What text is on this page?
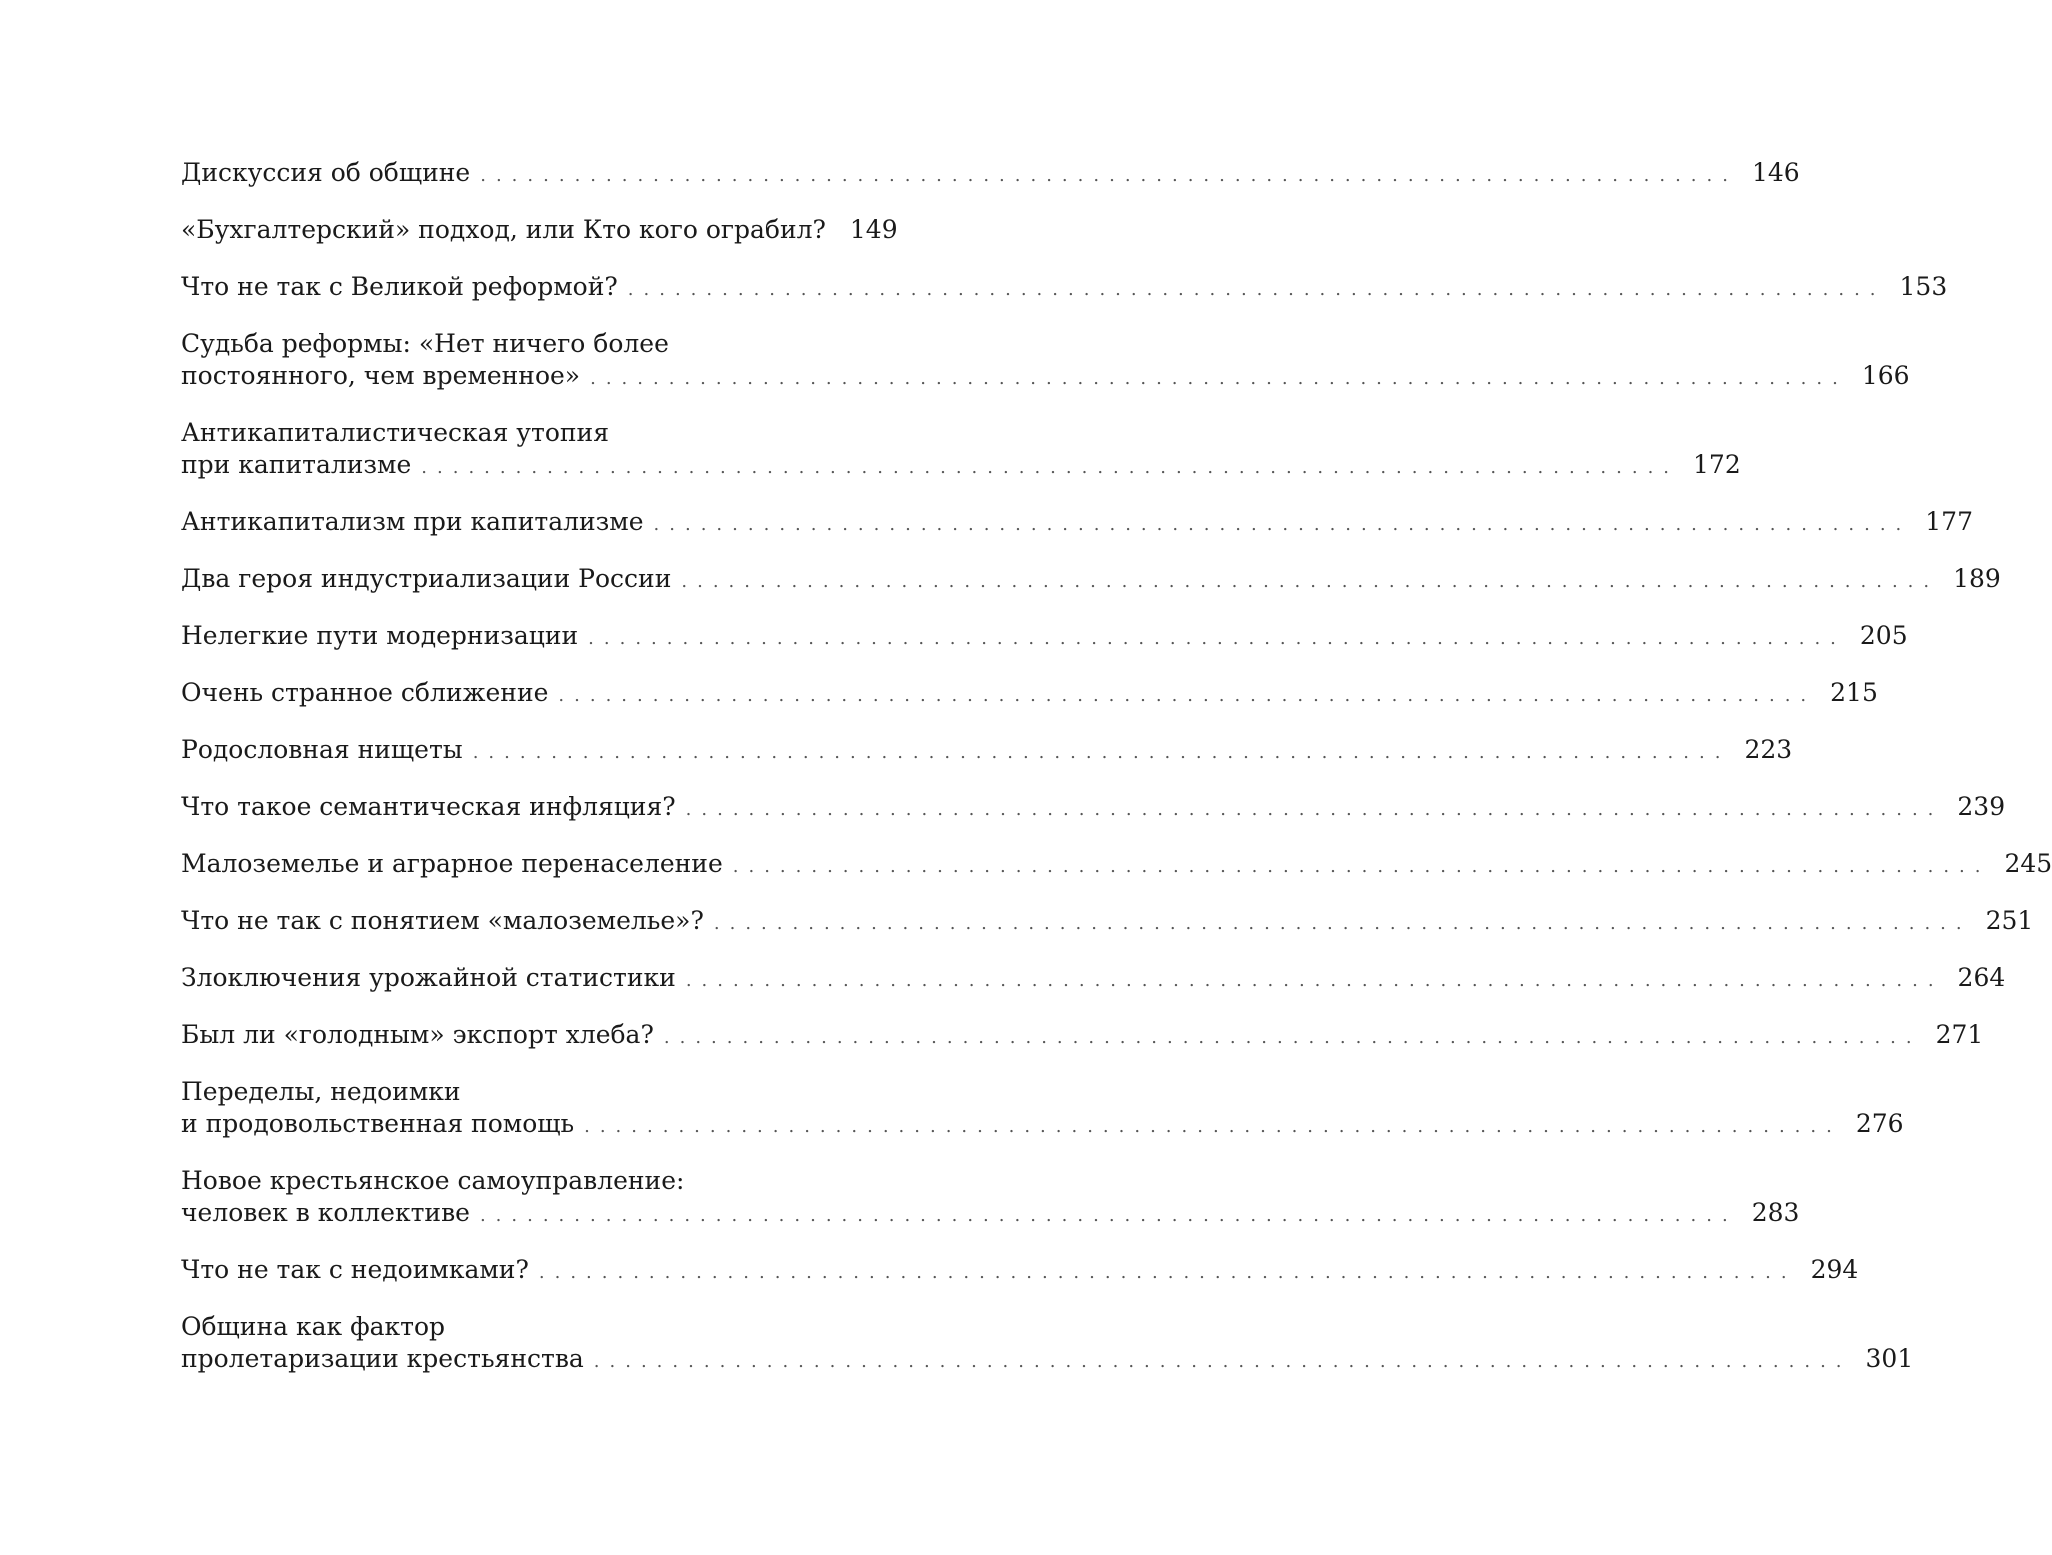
Дискуссия об общине ................................................................................ 146
«Бухгалтерский» подход, или Кто кого ограбил? 149
Что не так с Великой реформой? ................................................................................ 153
Судьба реформы: «Нет ничего более
постоянного, чем временное» ................................................................................ 166
Антикапиталистическая утопия
при капитализме ................................................................................ 172
Антикапитализм при капитализме ................................................................................ 177
Два героя индустриализации России ................................................................................ 189
Нелегкие пути модернизации ................................................................................ 205
Очень странное сближение ................................................................................ 215
Родословная нищеты ................................................................................ 223
Что такое семантическая инфляция? ................................................................................ 239
Малоземелье и аграрное перенаселение ................................................................................ 245
Что не так с понятием «малоземелье»? ................................................................................ 251
Злоключения урожайной статистики ................................................................................ 264
Был ли «голодным» экспорт хлеба? ................................................................................ 271
Переделы, недоимки
и продовольственная помощь ................................................................................ 276
Новое крестьянское самоуправление:
человек в коллективе ................................................................................ 283
Что не так с недоимками? ................................................................................ 294
Община как фактор
пролетаризации крестьянства ................................................................................ 301
